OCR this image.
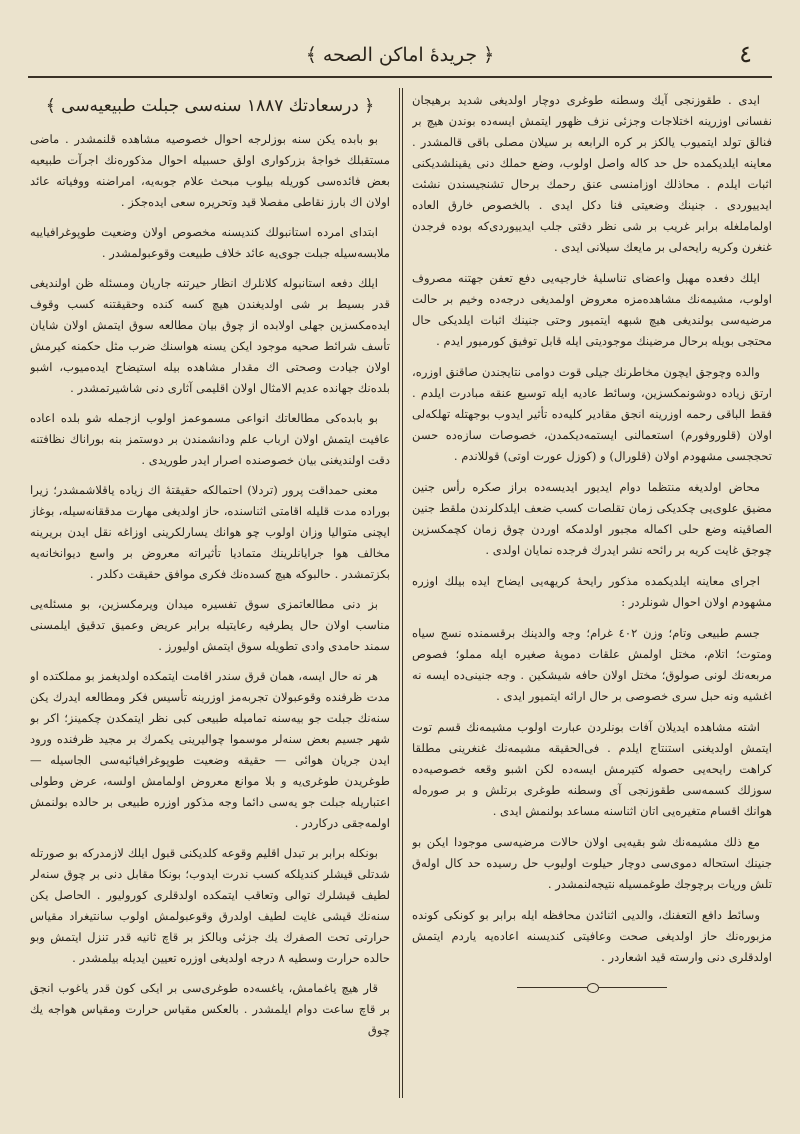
٤
﴿ جريدۀ اماکن الصحه ﴾

ایدی . طقوزنجی آیك وسطنه طوغری دوچار اولدیغی شدید برهیجان نفسانی اوزرینه اختلاجات وجزئی نزف ظهور ایتمش ایسه‌ده بوندن هیچ بر فنالق تولد ایتمیوب یالکز بر کره الرابعه بر سیلان مصلی باقی قالمشدر . معاینه ایلدیکمده حل حد کاله واصل اولوب، وضع حملك دنی یقینلشدیکنی اثبات ایلدم . محاذلك اوزامنسی عنق رحمك برحال تشنجیسندن نشئت ایدییوردی . جنینك وضعیتی فنا دکل ایدی . بالخصوص خارق العاده اولماملغله برابر غریب بر شی نظر دقتی جلب ایدییوردی‌که بوده فرجدن غنغرن وکریه رایحه‌لی بر مایعك سیلانی ایدی .

ایلك دفعده مهبل واعضای تناسلیۀ خارجیه‌یی دفع تعفن جهتنه مصروف اولوب، مشیمه‌نك مشاهده‌مزه معروض اولمدیغی درجه‌ده وخیم بر حالت مرضیه‌سی بولندیغی هیچ شبهه ایتمیور وحتی جنینك اثبات ایلدیکی حال محتجی بویله برحال مرضینك موجودیتی ایله قابل توفیق کورمیور ایدم .

والده وچوجق ایچون مخاطرنك جیلی قوت دوامی نتایجندن صاقنق اوزره، ارتق زیاده دوشونمکسزین، وسائط عادیه ایله توسیع عنقه مبادرت ایلدم . فقط الباقی رحمه اوزرینه انجق مقادیر کلیه‌ده تأثیر ایدوب بوجهتله تهلکه‌لی اولان (قلوروفورم) استعمالنی ایستمه‌دیکمدن، خصوصات سازه‌ده حسن تحججسی مشهودم اولان (قلورال) و (کوزل عورت اوتی) قوللاندم .

محاض اولدیغه منتظما دوام ایدیور ایدیسه‌ده براز صکره رأس جنین مضیق علوی‌یی چکدیکی زمان تقلصات کسب ضعف ایلدکلرندن ملقط جنین الصاقینه وضع حلی اکماله مجبور اولدمکه اوردن چوق زمان کچمکسزین چوجق غایت کریه بر رائحه نشر ایدرك فرجده نمایان اولدی .

اجرای معاینه ایلدیکمده مذکور رایحۀ کریهه‌یی ایضاح ایده بیلك اوزره مشهودم اولان احوال شونلردر :

جسم طبیعی وتام؛ وزن ٤٠٢ غرام؛ وجه والدینك برقسمنده نسج سیاه ومتوت؛ اتلام، مختل اولمش علقات دمویۀ صغیره ایله مملو؛ فصوص مربعه‌نك لونی صولوق؛ مختل اولان حافه شیشکین . وجه جنینی‌ده ایسه نه اغشیه ونه حبل سری خصوصی بر حال ارائه ایتمیور ایدی .

اشته مشاهده ایدیلان آفات بونلردن عبارت اولوب مشیمه‌نك قسم توت ایتمش اولدیغنی استنتاج ایلدم . فی‌الحقیقه مشیمه‌نك غنغرینی مطلقا کراهت رایحه‌یی حصوله کتیرمش ایسه‌ده لکن اشبو وقعه خصوصیه‌ده سوزلك کسمه‌سی طقوزنجی آی وسطنه طوغری برتلش و بر صوره‌له هوانك اقسام متغیره‌یی اتان اثناسنه مساعد بولنمش ایدی .

مع ذلك مشیمه‌نك شو بقیه‌یی اولان حالات مرضیه‌سی موجودا ایکن بو جنینك استحاله دموی‌سی دوچار حیلوت اولیوب حل رسیده حد کال اوله‌ق تلش وریات برچوجك طوغمسیله نتیجه‌لنمشدر .

وسائط دافع التعفنك، والدیی اثنائدن محافظه ایله برابر بو کونکی کونده مزبوره‌نك حاز اولدیغی صحت وعافیتی کندیسنه اعاده‌یه یاردم ایتمش اولدقلری دنی وارسته قید اشعاردر .

﴿ درسعادتك ١٨٨٧ سنه‌سی جبلت طبیعیه‌سی ﴾

بو بابده یکن سنه بوزلرجه احوال خصوصیه مشاهده قلنمشدر . ماضی مستقبلك خواجۀ بزرکواری اولق حسبیله احوال مذکوره‌نك اجرآت طبیعیه بعض فائده‌سی کوریله بیلوب مبحث علام جوبه‌یه، امراضنه ووفیاته عائد اولان اك بارز نقاطی مفصلا قید وتحریره سعی ایده‌جکز .

ابتدای امرده استانبولك کندیسنه مخصوص اولان وضعیت طوپوغرافیاییه ملابسه‌سیله جبلت جوی‌یه عائد خلاف طبیعت وقوعبولمشدر .

ایلك دفعه استانبوله کلانلرك انظار حیرتنه جاریان ومسئله ظن اولندیغی قدر بسیط بر شی اولدیغندن هیچ کسه کنده وحقیقتنه کسب وقوف ایده‌مکسزین جهلی اولابده از چوق بیان مطالعه سوق ایتمش اولان شایان تأسف شرائط صحیه موجود ایکن یسنه هواسنك ضرب مثل حکمنه کیرمش اولان جیادت وصحتی اك مقدار مشاهده بیله استیضاح ایده‌میوب، اشبو بلده‌نك جهانده عدیم الامثال اولان اقلیمی آثاری دنی شاشیرتمشدر .

بو بابده‌کی مطالعاتك انواعی مسموعمز اولوب ازجمله شو بلده اعاده عافیت ایتمش اولان ارباب علم ودانشمندن بر دوستمز بنه بوراناك نظافتنه دقت اولندیغنی بیان خصوصنده اصرار ایدر طوریدی .

معنی حمداقت پرور (تردلا) احتمالکه حقیقتهٔ اك زیاده یاقلاشمشدر؛ زیرا بوراده مدت قلیله اقامتی اثناسنده، حاز اولدیغی مهارت مدققانه‌سیله، بوغاز ایچنی متوالیا وزان اولوب چو هوانك یسارلکرینی اوزاغه نقل ایدن بریرینه مخالف هوا جرایانلرینك متمادیا تأثیراته معروض بر واسع دیوانخانه‌یه بکزتمشدر . حالبوکه هیچ کسده‌نك فکری موافق حقیقت دکلدر .

بز دنی مطالعاتمزی سوق تفسیره میدان ویرمکسزین، بو مسئله‌یی مناسب اولان حال یطرفیه رعایتیله برابر عریض وعمیق تدقیق ایلمسنی سمند حامدی وادی تطویله سوق ایتمش اولیورز .

هر نه حال ایسه، همان قرق سندر اقامت ایتمکده اولدیغمز بو مملکتده او مدت ظرفنده وقوعبولان تجربه‌مز اوزرینه تأسیس فکر ومطالعه ایدرك یکن سنه‌نك جبلت جو بیه‌سنه تمامیله طبیعی کبی نظر ایتمکدن چکمینز؛ اکر بو شهر جسیم بعض سنه‌لر موسموا چوالیرینی یکمرك بر مجید ظرفنده ورود ایدن جریان هوائی — حقیقه وضعیت طوپوغرافیائیه‌سی الجاسیله — طوغریدن طوغری‌یه و بلا موانع معروض اولمامش اولسه، عرض وطولی اعتباریله جبلت جو یه‌سی دائما وجه مذکور اوزره طبیعی بر حالده بولنمش اولمه‌جقی درکاردر .

بونکله برابر بر تبدل اقلیم وقوعه کلدیکنی قبول ایلك لازمدرکه بو صورتله شدتلی قیشلر کندیلکه کسب ندرت ایدوب؛ بونکا مقابل دنی بر چوق سنه‌لر لطیف قیشلرك توالی وتعاقب ایتمکده اولدقلری کورولیور . الحاصل یکن سنه‌نك قیشی غایت لطیف اولدرق وقوعبولمش اولوب سانتیغراد مقیاس حرارتی تحت الصفرك یك جزئی وبالکز بر قاچ ثانیه قدر تنزل ایتمش وبو حالده حرارت وسطیه ٨ درجه اولدیغی اوزره تعیین ایدیله بیلمشدر .

قار هیچ یاغمامش، یاغسه‌ده طوغری‌سی بر ایکی کون قدر یاغوب انجق بر قاچ ساعت دوام ایلمشدر . بالعکس مقیاس حرارت ومقیاس هواجه یك چوق
